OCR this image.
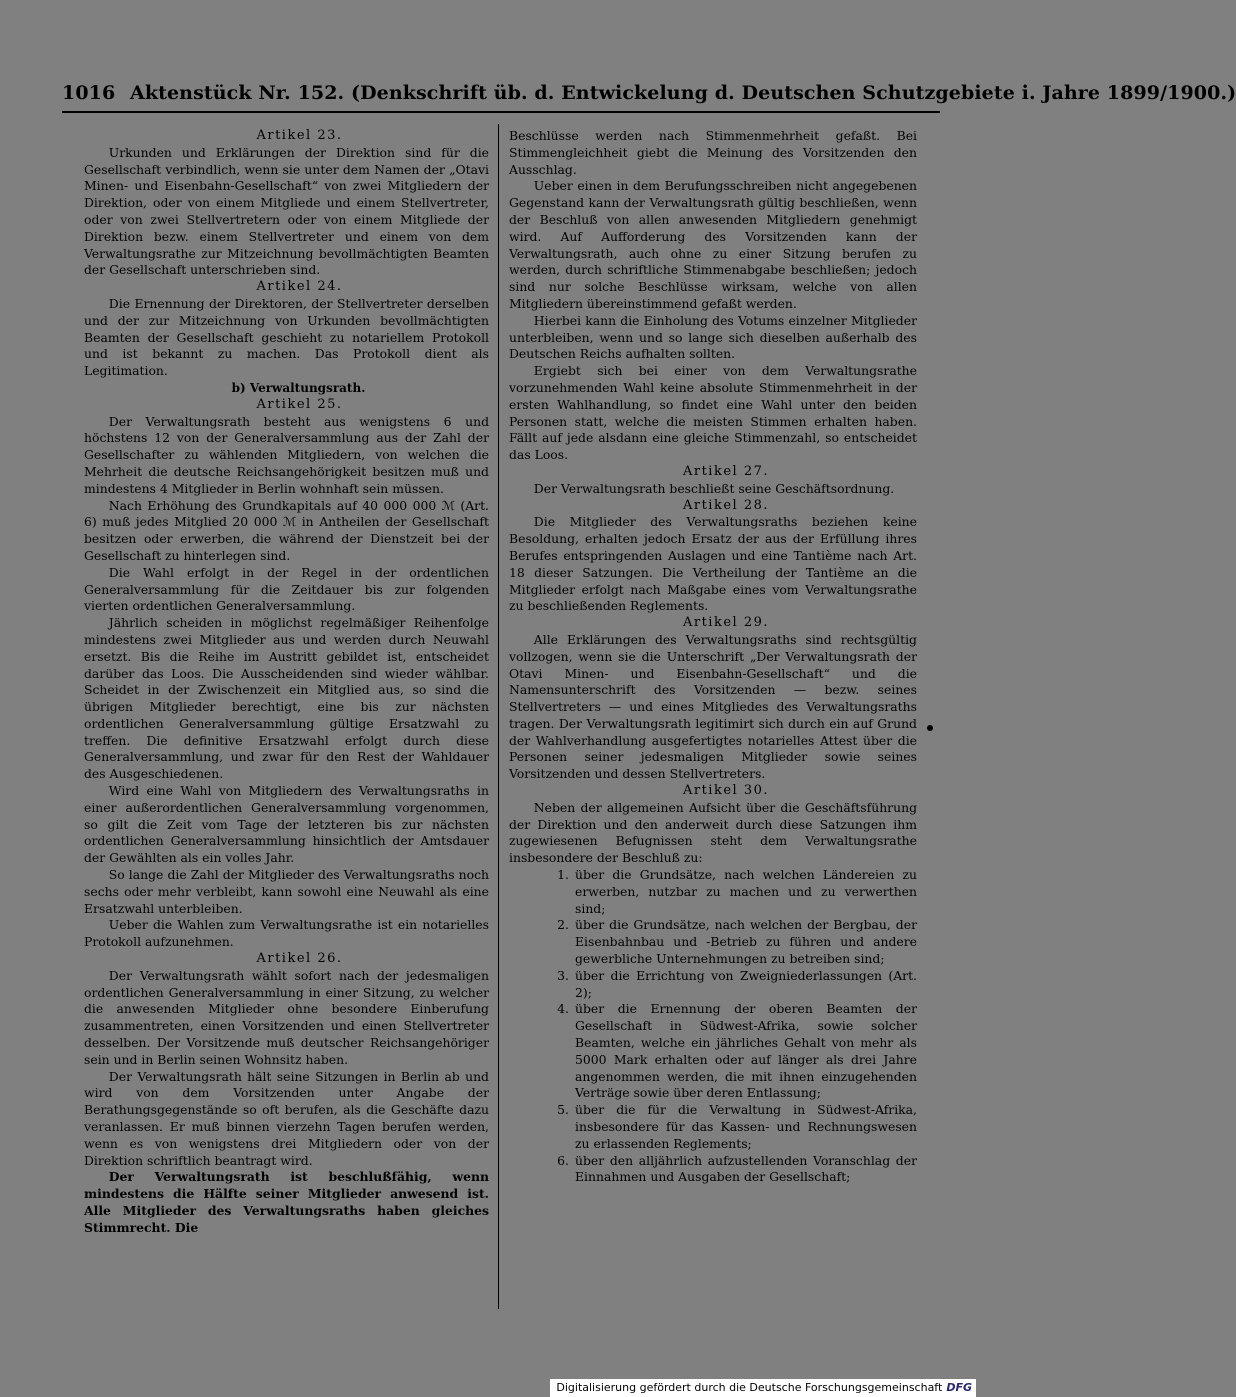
1016 Aktenstück Nr. 152. (Denkschrift üb. d. Entwickelung d. Deutschen Schutzgebiete i. Jahre 1899/1900.)

Artikel 23.

Urkunden und Erklärungen der Direktion sind für die Gesellschaft verbindlich, wenn sie unter dem Namen der „Otavi Minen- und Eisenbahn-Gesellschaft“ von zwei Mitgliedern der Direktion, oder von einem Mitgliede und einem Stellvertreter, oder von zwei Stellvertretern oder von einem Mitgliede der Direktion bezw. einem Stellvertreter und einem von dem Verwaltungsrathe zur Mitzeichnung bevollmächtigten Beamten der Gesellschaft unterschrieben sind.

Artikel 24.

Die Ernennung der Direktoren, der Stellvertreter derselben und der zur Mitzeichnung von Urkunden bevollmächtigten Beamten der Gesellschaft geschieht zu notariellem Protokoll und ist bekannt zu machen. Das Protokoll dient als Legitimation.

b) Verwaltungsrath.

Artikel 25.

Der Verwaltungsrath besteht aus wenigstens 6 und höchstens 12 von der Generalversammlung aus der Zahl der Gesellschafter zu wählenden Mitgliedern, von welchen die Mehrheit die deutsche Reichsangehörigkeit besitzen muß und mindestens 4 Mitglieder in Berlin wohnhaft sein müssen.

Nach Erhöhung des Grundkapitals auf 40 000 000 ℳ (Art. 6) muß jedes Mitglied 20 000 ℳ in Antheilen der Gesellschaft besitzen oder erwerben, die während der Dienstzeit bei der Gesellschaft zu hinterlegen sind.

Die Wahl erfolgt in der Regel in der ordentlichen Generalversammlung für die Zeitdauer bis zur folgenden vierten ordentlichen Generalversammlung.

Jährlich scheiden in möglichst regelmäßiger Reihenfolge mindestens zwei Mitglieder aus und werden durch Neuwahl ersetzt. Bis die Reihe im Austritt gebildet ist, entscheidet darüber das Loos. Die Ausscheidenden sind wieder wählbar. Scheidet in der Zwischenzeit ein Mitglied aus, so sind die übrigen Mitglieder berechtigt, eine bis zur nächsten ordentlichen Generalversammlung gültige Ersatzwahl zu treffen. Die definitive Ersatzwahl erfolgt durch diese Generalversammlung, und zwar für den Rest der Wahldauer des Ausgeschiedenen.

Wird eine Wahl von Mitgliedern des Verwaltungsraths in einer außerordentlichen Generalversammlung vorgenommen, so gilt die Zeit vom Tage der letzteren bis zur nächsten ordentlichen Generalversammlung hinsichtlich der Amtsdauer der Gewählten als ein volles Jahr.

So lange die Zahl der Mitglieder des Verwaltungsraths noch sechs oder mehr verbleibt, kann sowohl eine Neuwahl als eine Ersatzwahl unterbleiben.

Ueber die Wahlen zum Verwaltungsrathe ist ein notarielles Protokoll aufzunehmen.

Artikel 26.

Der Verwaltungsrath wählt sofort nach der jedesmaligen ordentlichen Generalversammlung in einer Sitzung, zu welcher die anwesenden Mitglieder ohne besondere Einberufung zusammentreten, einen Vorsitzenden und einen Stellvertreter desselben. Der Vorsitzende muß deutscher Reichsangehöriger sein und in Berlin seinen Wohnsitz haben.

Der Verwaltungsrath hält seine Sitzungen in Berlin ab und wird von dem Vorsitzenden unter Angabe der Berathungsgegenstände so oft berufen, als die Geschäfte dazu veranlassen. Er muß binnen vierzehn Tagen berufen werden, wenn es von wenigstens drei Mitgliedern oder von der Direktion schriftlich beantragt wird.

Der Verwaltungsrath ist beschlußfähig, wenn mindestens die Hälfte seiner Mitglieder anwesend ist. Alle Mitglieder des Verwaltungsraths haben gleiches Stimmrecht. Die

Beschlüsse werden nach Stimmenmehrheit gefaßt. Bei Stimmengleichheit giebt die Meinung des Vorsitzenden den Ausschlag.

Ueber einen in dem Berufungsschreiben nicht angegebenen Gegenstand kann der Verwaltungsrath gültig beschließen, wenn der Beschluß von allen anwesenden Mitgliedern genehmigt wird. Auf Aufforderung des Vorsitzenden kann der Verwaltungsrath, auch ohne zu einer Sitzung berufen zu werden, durch schriftliche Stimmenabgabe beschließen; jedoch sind nur solche Beschlüsse wirksam, welche von allen Mitgliedern übereinstimmend gefaßt werden.

Hierbei kann die Einholung des Votums einzelner Mitglieder unterbleiben, wenn und so lange sich dieselben außerhalb des Deutschen Reichs aufhalten sollten.

Ergiebt sich bei einer von dem Verwaltungsrathe vorzunehmenden Wahl keine absolute Stimmenmehrheit in der ersten Wahlhandlung, so findet eine Wahl unter den beiden Personen statt, welche die meisten Stimmen erhalten haben. Fällt auf jede alsdann eine gleiche Stimmenzahl, so entscheidet das Loos.

Artikel 27.

Der Verwaltungsrath beschließt seine Geschäftsordnung.

Artikel 28.

Die Mitglieder des Verwaltungsraths beziehen keine Besoldung, erhalten jedoch Ersatz der aus der Erfüllung ihres Berufes entspringenden Auslagen und eine Tantième nach Art. 18 dieser Satzungen. Die Vertheilung der Tantième an die Mitglieder erfolgt nach Maßgabe eines vom Verwaltungsrathe zu beschließenden Reglements.

Artikel 29.

Alle Erklärungen des Verwaltungsraths sind rechtsgültig vollzogen, wenn sie die Unterschrift „Der Verwaltungsrath der Otavi Minen- und Eisenbahn-Gesellschaft“ und die Namensunterschrift des Vorsitzenden — bezw. seines Stellvertreters — und eines Mitgliedes des Verwaltungsraths tragen. Der Verwaltungsrath legitimirt sich durch ein auf Grund der Wahlverhandlung ausgefertigtes notarielles Attest über die Personen seiner jedesmaligen Mitglieder sowie seines Vorsitzenden und dessen Stellvertreters.

Artikel 30.

Neben der allgemeinen Aufsicht über die Geschäftsführung der Direktion und den anderweit durch diese Satzungen ihm zugewiesenen Befugnissen steht dem Verwaltungsrathe insbesondere der Beschluß zu:

1. über die Grundsätze, nach welchen Ländereien zu erwerben, nutzbar zu machen und zu verwerthen sind;
2. über die Grundsätze, nach welchen der Bergbau, der Eisenbahnbau und -Betrieb zu führen und andere gewerbliche Unternehmungen zu betreiben sind;
3. über die Errichtung von Zweigniederlassungen (Art. 2);
4. über die Ernennung der oberen Beamten der Gesellschaft in Südwest-Afrika, sowie solcher Beamten, welche ein jährliches Gehalt von mehr als 5000 Mark erhalten oder auf länger als drei Jahre angenommen werden, die mit ihnen einzugehenden Verträge sowie über deren Entlassung;
5. über die für die Verwaltung in Südwest-Afrika, insbesondere für das Kassen- und Rechnungswesen zu erlassenden Reglements;
6. über den alljährlich aufzustellenden Voranschlag der Einnahmen und Ausgaben der Gesellschaft;
Digitalisierung gefördert durch die Deutsche Forschungsgemeinschaft DFG
